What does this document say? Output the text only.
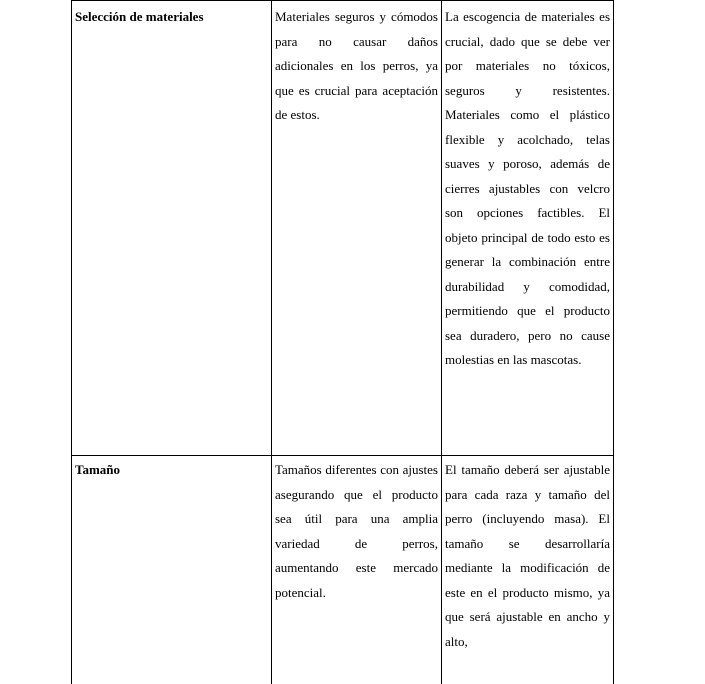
Selección de materiales	Materiales seguros y cómodos para no causar daños adicionales en los perros, ya que es crucial para aceptación de estos.	La escogencia de materiales es crucial, dado que se debe ver por materiales no tóxicos, seguros y resistentes. Materiales como el plástico flexible y acolchado, telas suaves y poroso, además de cierres ajustables con velcro son opciones factibles. El objeto principal de todo esto es generar la combinación entre durabilidad y comodidad, permitiendo que el producto sea duradero, pero no cause molestias en las mascotas.
Tamaño	Tamaños diferentes con ajustes asegurando que el producto sea útil para una amplia variedad de perros, aumentando este mercado potencial.	El tamaño deberá ser ajustable para cada raza y tamaño del perro (incluyendo masa). El tamaño se desarrollaría mediante la modificación de este en el producto mismo, ya que será ajustable en ancho y alto,
